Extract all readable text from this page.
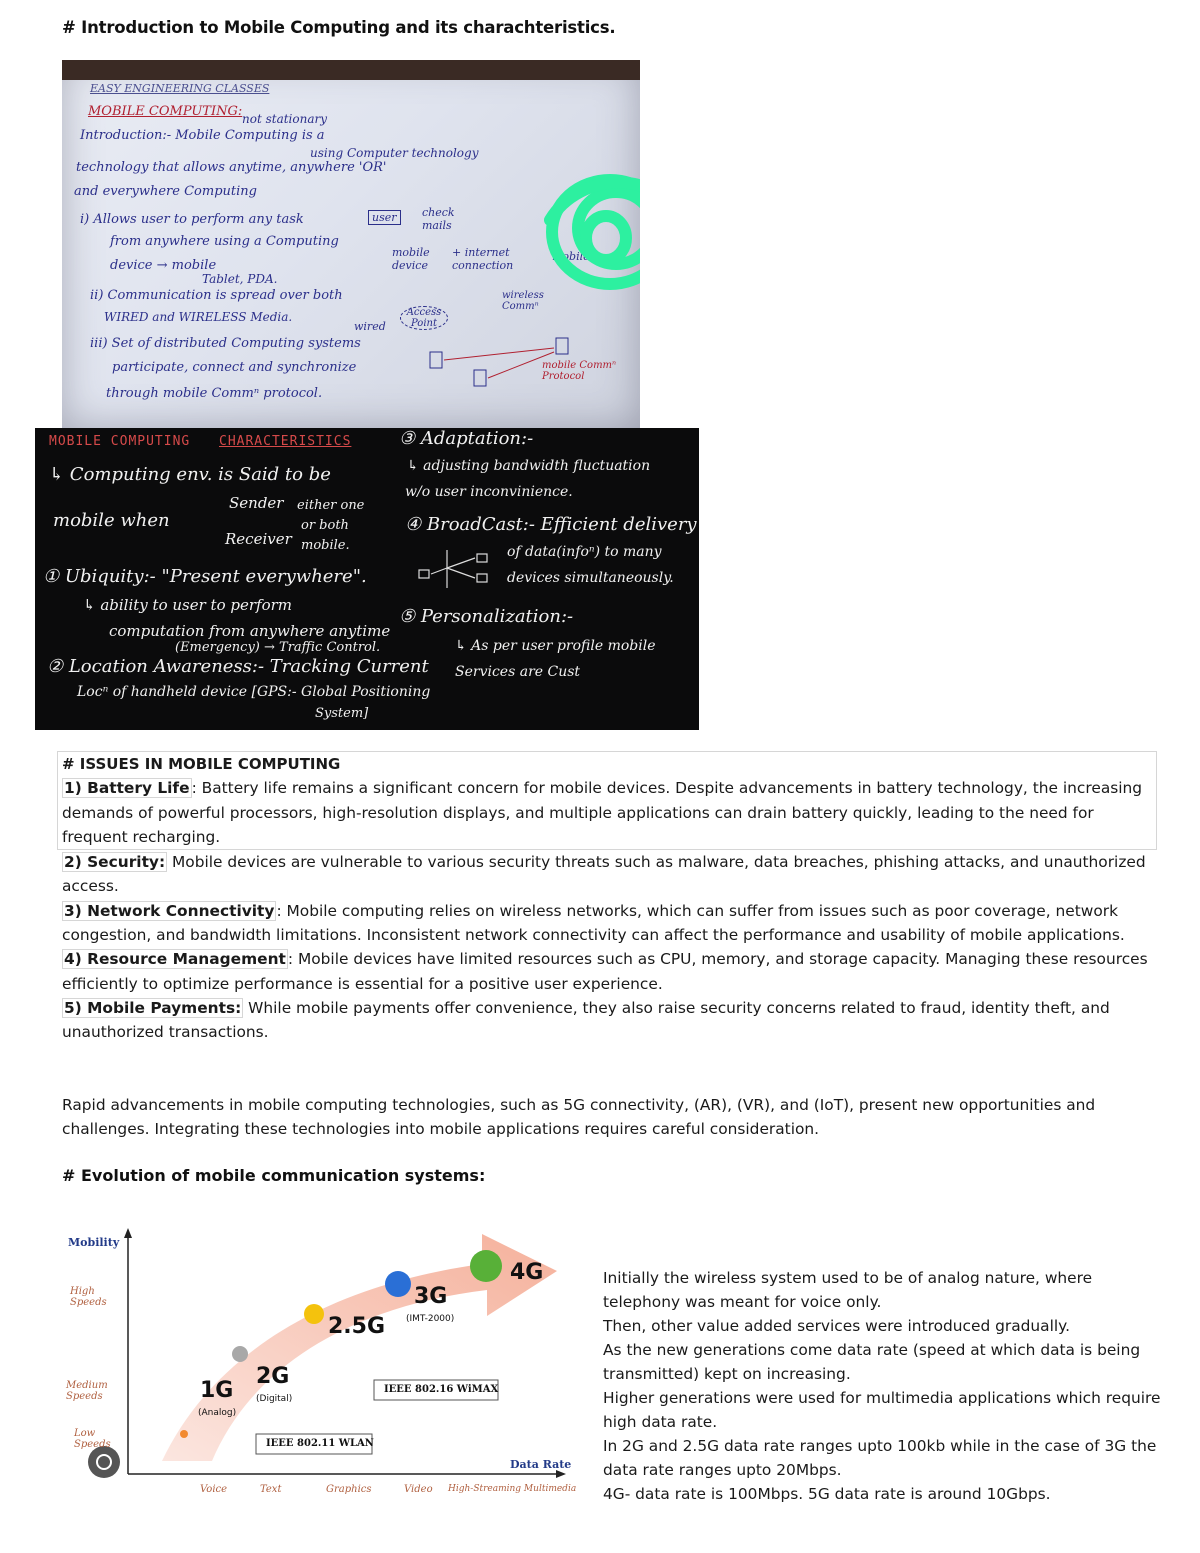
# Introduction to Mobile Computing and its charachteristics.
EASY ENGINEERING CLASSES
MOBILE COMPUTING: not stationary
Introduction:- Mobile Computing is a
using Computer technology
technology that allows anytime, anywhere 'OR'
and everywhere Computing
i) Allows user to perform any task
from anywhere using a Computing
device → mobile
Tablet, PDA.
ii) Communication is spread over both
WIRED and WIRELESS Media.
iii) Set of distributed Computing systems
participate, connect and synchronize
through mobile Commⁿ protocol.
user	check mails
mobile device
+ internet connection
wireless Commⁿ
Access Point
wired
mobile
mobile Commⁿ Protocol
MOBILE COMPUTING CHARACTERISTICS
↳ Computing env. is Said to be
mobile when
Sender
Receiver
either one
or both
mobile.
① Ubiquity:- "Present everywhere".
↳ ability to user to perform
computation from anywhere anytime
(Emergency) → Traffic Control.
② Location Awareness:- Tracking Current
Locⁿ of handheld device [GPS:- Global Positioning
System]
③ Adaptation:-
↳ adjusting bandwidth fluctuation
w/o user inconvinience.
④ BroadCast:- Efficient delivery
of data(infoⁿ) to many
devices simultaneously.
⑤ Personalization:-
↳ As per user profile mobile
Services are Cust

# ISSUES IN MOBILE COMPUTING

1) Battery Life : Battery life remains a significant concern for mobile devices. Despite advancements in battery technology, the increasing demands of powerful processors, high-resolution displays, and multiple applications can drain battery quickly, leading to the need for frequent recharging.

2) Security: Mobile devices are vulnerable to various security threats such as malware, data breaches, phishing attacks, and unauthorized access.

3) Network Connectivity : Mobile computing relies on wireless networks, which can suffer from issues such as poor coverage, network congestion, and bandwidth limitations. Inconsistent network connectivity can affect the performance and usability of mobile applications.

4) Resource Management : Mobile devices have limited resources such as CPU, memory, and storage capacity. Managing these resources efficiently to optimize performance is essential for a positive user experience.

5) Mobile Payments: While mobile payments offer convenience, they also raise security concerns related to fraud, identity theft, and unauthorized transactions.

Rapid advancements in mobile computing technologies, such as 5G connectivity, (AR), (VR), and (IoT), present new opportunities and challenges. Integrating these technologies into mobile applications requires careful consideration.
# Evolution of mobile communication systems:
Mobility
High Speeds
Medium Speeds
Low Speeds
Data Rate
Voice	Text	Graphics	Video High-Streaming Multimedia
1G
(Analog)
2G
(Digital)
2.5G
3G
(IMT-2000)
4G
IEEE 802.16 WiMAX
IEEE 802.11 WLAN

Initially the wireless system used to be of analog nature, where telephony was meant for voice only.

Then, other value added services were introduced gradually.

As the new generations come data rate (speed at which data is being transmitted) kept on increasing.

Higher generations were used for multimedia applications which require high data rate.

In 2G and 2.5G data rate ranges upto 100kb while in the case of 3G the data rate ranges upto 20Mbps.

4G- data rate is 100Mbps. 5G data rate is around 10Gbps.
